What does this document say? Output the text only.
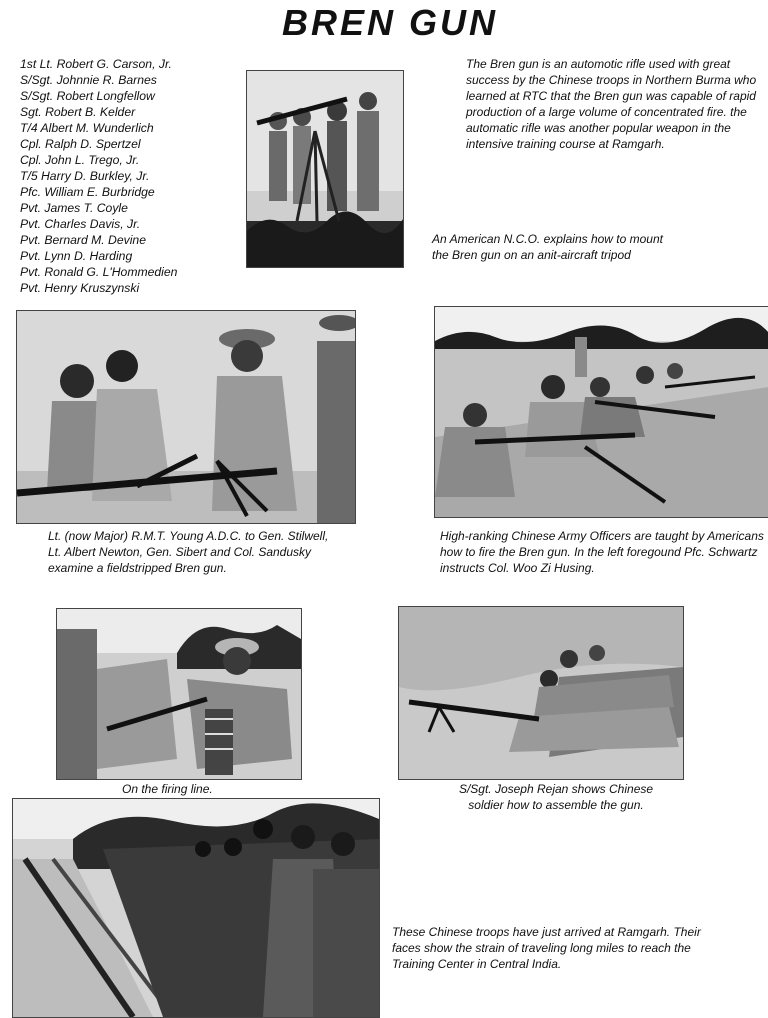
BREN GUN
1st Lt. Robert G. Carson, Jr.
S/Sgt. Johnnie R. Barnes
S/Sgt. Robert Longfellow
Sgt. Robert B. Kelder
T/4 Albert M. Wunderlich
Cpl. Ralph D. Spertzel
Cpl. John L. Trego, Jr.
T/5 Harry D. Burkley, Jr.
Pfc. William E. Burbridge
Pvt. James T. Coyle
Pvt. Charles Davis, Jr.
Pvt. Bernard M. Devine
Pvt. Lynn D. Harding
Pvt. Ronald G. L'Hommedien
Pvt. Henry Kruszynski
The Bren gun is an automotic rifle used with great success by the Chinese troops in Northern Burma who learned at RTC that the Bren gun was capable of rapid production of a large volume of concentrated fire. the automatic rifle was another popular weapon in the intensive training course at Ramgarh.
An American N.C.O. explains how to mount the Bren gun on an anit-aircraft tripod
Lt. (now Major) R.M.T. Young A.D.C. to Gen. Stilwell, Lt. Albert Newton, Gen. Sibert and Col. Sandusky examine a fieldstripped Bren gun.
High-ranking Chinese Army Officers are taught by Americans how to fire the Bren gun. In the left foregound Pfc. Schwartz instructs Col. Woo Zi Husing.
On the firing line.	S/Sgt. Joseph Rejan shows Chinese soldier how to assemble the gun.
These Chinese troops have just arrived at Ramgarh. Their faces show the strain of traveling long miles to reach the Training Center in Central India.
